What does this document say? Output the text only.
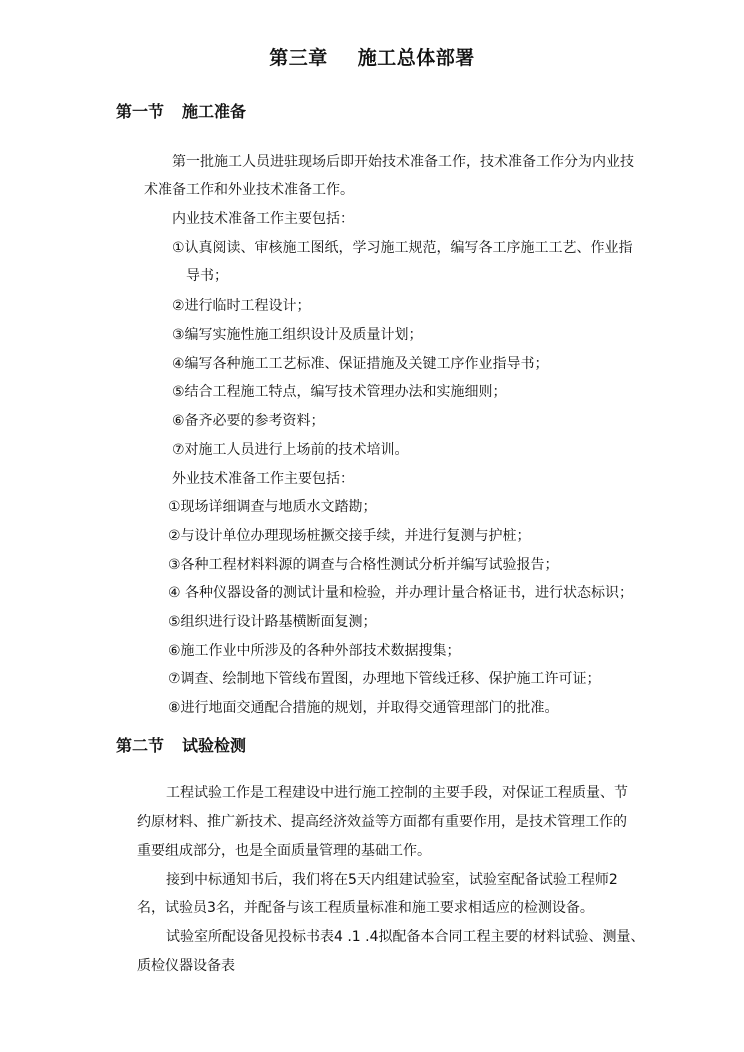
第三章 施工总体部署
第一节 施工准备
第一批施工人员进驻现场后即开始技术准备工作，技术准备工作分为内业技
术准备工作和外业技术准备工作。
内业技术准备工作主要包括：
①认真阅读、审核施工图纸，学习施工规范，编写各工序施工工艺、作业指
导书；
②进行临时工程设计；
③编写实施性施工组织设计及质量计划；
④编写各种施工工艺标准、保证措施及关键工序作业指导书；
⑤结合工程施工特点，编写技术管理办法和实施细则；
⑥备齐必要的参考资料；
⑦对施工人员进行上场前的技术培训。
外业技术准备工作主要包括：
①现场详细调查与地质水文踏勘；
②与设计单位办理现场桩撅交接手续，并进行复测与护桩；
③各种工程材料料源的调查与合格性测试分析并编写试验报告；
④ 各种仪器设备的测试计量和检验，并办理计量合格证书，进行状态标识；
⑤组织进行设计路基横断面复测；
⑥施工作业中所涉及的各种外部技术数据搜集；
⑦调查、绘制地下管线布置图，办理地下管线迁移、保护施工许可证；
⑧进行地面交通配合措施的规划，并取得交通管理部门的批准。
第二节 试验检测
工程试验工作是工程建设中进行施工控制的主要手段，对保证工程质量、节
约原材料、推广新技术、提高经济效益等方面都有重要作用，是技术管理工作的
重要组成部分，也是全面质量管理的基础工作。
接到中标通知书后，我们将在5天内组建试验室，试验室配备试验工程师2
名，试验员3名，并配备与该工程质量标准和施工要求相适应的检测设备。
试验室所配设备见投标书表4 .1 .4拟配备本合同工程主要的材料试验、测量、
质检仪器设备表
